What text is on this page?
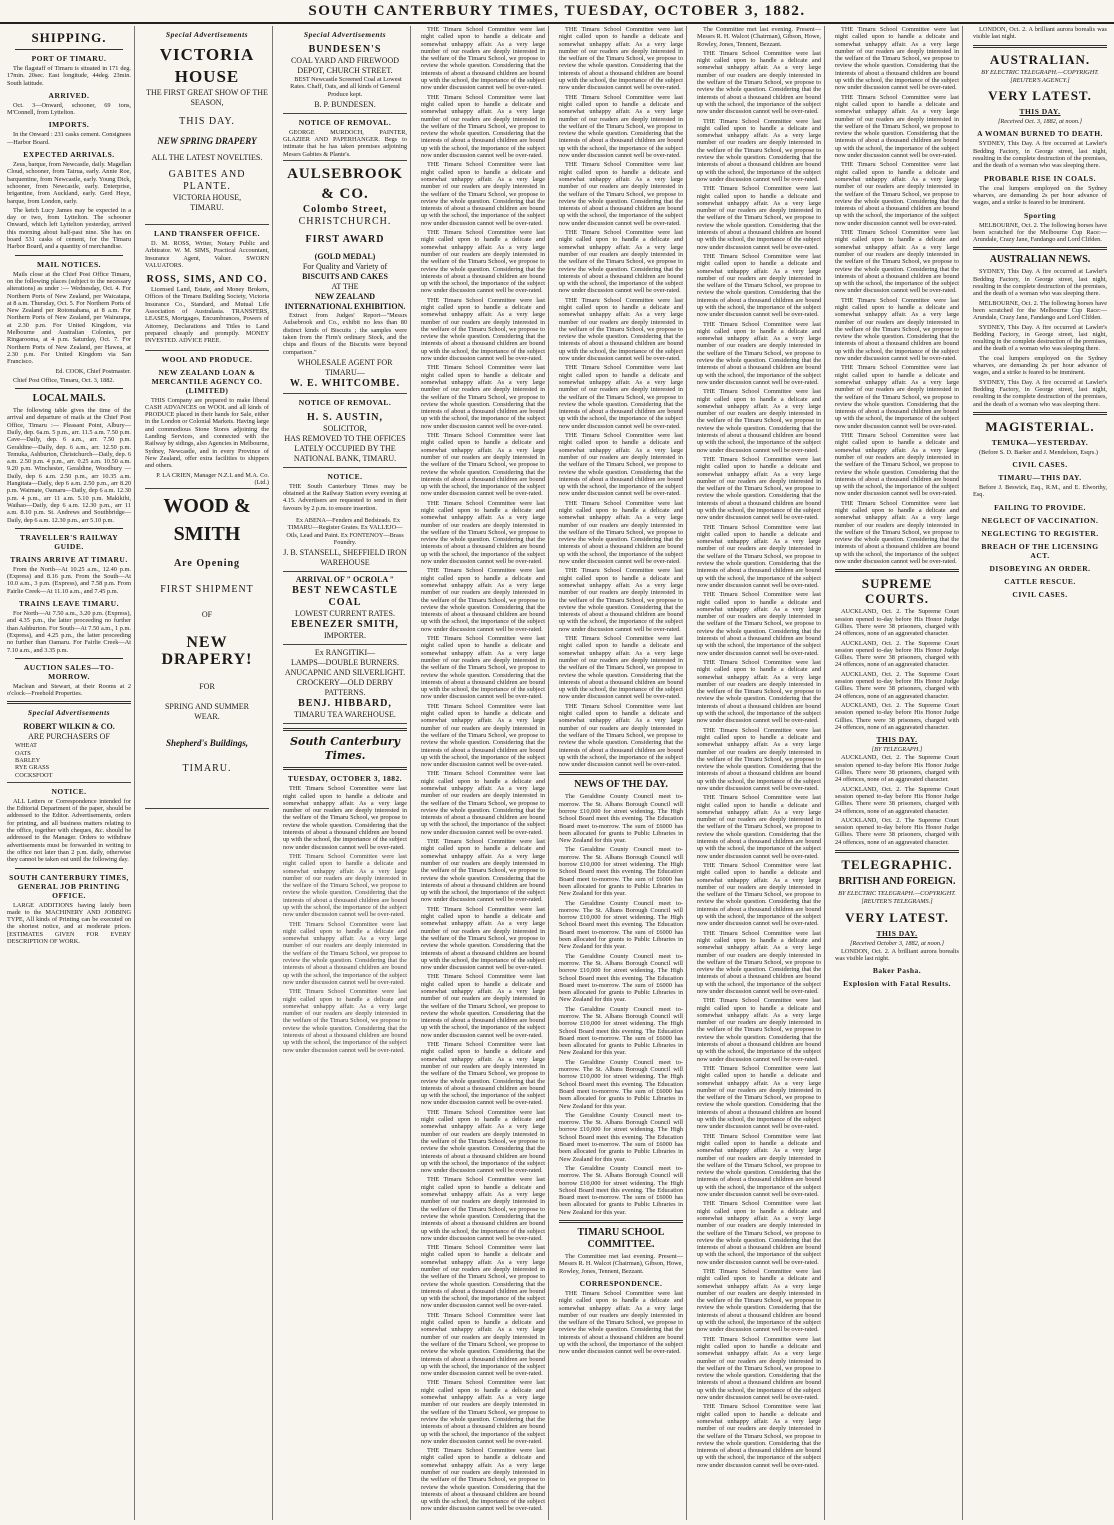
SOUTH CANTERBURY TIMES, TUESDAY, OCTOBER 3, 1882.
SHIPPING.
PORT OF TIMARU.

The flagstaff of Timaru is situated in 171 deg. 17min. 20sec. East longitude, 44deg. 23min. South latitude.

ARRIVED.

Oct. 3—Onward, schooner, 69 tons, M'Connell, from Lyttelton.

IMPORTS.

In the Onward : 231 casks cement. Consignees—Harbor Board.

EXPECTED ARRIVALS.

Zeus, barque, from Newcastle, daily. Magellan Cloud, schooner, from Tairua, early. Annie Roe, barquentine, from Newcastle, early. Young Dick, schooner, from Newcastle, early. Enterprise, brigantine, from Auckland, early. Gerd Heye, barque, from London, early.

The ketch Lucy James may be expected in a day or two, from Lyttelton. The schooner Onward, which left Lyttelton yesterday, arrived this morning about half-past nine. She has on board 531 casks of cement, for the Timaru Harbor Board, and a quantity of merchandise.

MAIL NOTICES.

Mails close at the Chief Post Office Timaru, on the following places (subject to the necessary alterations) as under :— Wednesday, Oct. 4. For Northern Ports of New Zealand, per Waicatapa, at 8 a.m. Thursday, Oct. 5. For Northern Ports of New Zealand per Rotomahana, at 8 a.m. For Northern Ports of New Zealand, per Wairarapa, at 2.30 p.m. For United Kingdom, via Melbourne and Australian Colonies, per Ringarooma, at 4 p.m. Saturday, Oct. 7. For Northern Ports of New Zealand, per Hawea, at 2.30 p.m. For United Kingdom via San Francisco.

Ed. COOK, Chief Postmaster.

Chief Post Office, Timaru, Oct. 3, 1882.

LOCAL MAILS.

The following table gives the time of the arrival and departure of mails at the Chief Post Office, Timaru :— Pleasant Point, Albury—Daily, dep. 6a.m. 5 p.m., arr. 11.5 a.m. 7.50 p.m. Cave—Daily, dep. 6 a.m., arr. 7.50 p.m. Geraldine—Daily, dep. 6 a.m., arr. 12.50 p.m. Temuka, Ashburton, Christchurch—Daily, dep. 6 a.m. 2.50 p.m. 4 p.m., arr. 0.25 a.m. 10.50 a.m. 9.20 p.m. Winchester, Geraldine, Woodbury — Daily, dep 6 a.m. 2.50 p.m., arr 10.35 a.m. Hangitata—Daily, dep 6 a.m. 2.50 p.m., arr 8.20 p.m. Waimate, Oamaru—Daily, dep 6 a.m. 12.30 p.m. 4 p.m., arr 11 a.m. 5.10 p.m. Makikihi, Waihao—Daily, dep 6 a.m. 12.30 p.m., arr 11 a.m. 8.10 p.m. St. Andrews and Southbridge—Daily, dep 6 a.m. 12.30 p.m., arr 5.10 p.m.

TRAVELLER'S RAILWAY GUIDE.
TRAINS ARRIVE AT TIMARU.

From the North—At 10.25 a.m., 12.40 p.m. (Express) and 8.16 p.m. From the South—At 10.0 a.m., 3 p.m. (Express), and 7.58 p.m. From Fairlie Creek—At 11.10 a.m., and 7.45 p.m.

TRAINS LEAVE TIMARU.

For North—At 7.50 a.m., 3.20 p.m. (Express), and 4.35 p.m., the latter proceeding no further than Ashburton. For South—At 7.50 a.m., 1 p.m. (Express), and 4.25 p.m., the latter proceeding no further than Oamaru. For Fairlie Creek—At 7.10 a.m., and 3.35 p.m.

AUCTION SALES—TO-MORROW.

Maclean and Stewart, at their Rooms at 2 o'clock—Freehold Properties.

Special Advertisements
ROBERT WILKIN & CO.
ARE PURCHASERS OF
WHEAT
OATS
BARLEY
RYE GRASS
COCKSFOOT
NOTICE.

ALL Letters or Correspondence intended for the Editorial Department of the paper, should be addressed to the Editor. Advertisements, orders for printing, and all business matters relating to the office, together with cheques, &c. should be addressed to the Manager. Orders to withdraw advertisements must be forwarded in writing to the office not later than 2 p.m. daily, otherwise they cannot be taken out until the following day.

SOUTH CANTERBURY TIMES, GENERAL JOB PRINTING OFFICE.

LARGE ADDITIONS having lately been made to the MACHINERY AND JOBBING TYPE, All kinds of Printing can be executed on the shortest notice, and at moderate prices. [ESTIMATES GIVEN FOR EVERY DESCRIPTION OF WORK.

Special Advertisements
VICTORIA HOUSE
THE FIRST GREAT SHOW OF THE
SEASON,
THIS DAY.
NEW SPRING DRAPERY
ALL THE LATEST NOVELTIES.
GABITES AND PLANTE.
VICTORIA HOUSE,
TIMARU.
LAND TRANSFER OFFICE.

D. M. ROSS, Writer, Notary Public and Arbitrator. W. M. SIMS, Practical Accountant, Insurance Agent, Valuer. SWORN VALUATORS.

ROSS, SIMS, AND CO.

Licensed Land, Estate, and Money Brokers, Offices of the Timaru Building Society, Victoria Insurance Co., Standard, and Mutual Life Association of Australasia. TRANSFERS, LEASES, Mortgages, Encumbrances, Powers of Attorney, Declarations and Titles to Land prepared cheaply and promptly. MONEY INVESTED. ADVICE FREE.

WOOL AND PRODUCE.
NEW ZEALAND LOAN & MERCANTILE AGENCY CO. (LIMITED)

THIS Company are prepared to make liberal CASH ADVANCES on WOOL and all kinds of PRODUCE placed in their hands for Sale, either in the London or Colonial Markets. Having large and commodious Stone Stores adjoining the Landing Services, and connected with the Railway by sidings, also Agencies in Melbourne, Sydney, Newcastle, and in every Province of New Zealand, offer extra facilities to shippers and others.

P. LA CRIEN, Manager N.Z.L and M.A. Co. (Ltd.)

WOOD & SMITH
Are Opening
FIRST SHIPMENT
OF
NEW DRAPERY!
FOR
SPRING AND SUMMER
WEAR.
Shepherd's Buildings,
TIMARU.
Special Advertisements
BUNDESEN'S
COAL YARD AND FIREWOOD DEPOT, CHURCH STREET.

BEST Newcastle Screened Coal at Lowest Rates. Chaff, Oats, and all kinds of General Produce kept.

B. P. BUNDESEN.
NOTICE OF REMOVAL.

GEORGE MURDOCH, PAINTER, GLAZIER AND PAPERHANGER. Begs to intimate that he has taken premises adjoining Messrs Gabites & Plante's.

AULSEBROOK & CO.
Colombo Street,
CHRISTCHURCH.
FIRST AWARD
(GOLD MEDAL)
For Quality and Variety of
BISCUITS AND CAKES
AT THE
NEW ZEALAND INTERNATIONAL EXHIBITION.

Extract from Judges' Report—"Messrs Aulsebrook and Co., exhibit no less than 80 distinct kinds of Biscuits ; the samples were taken from the Firm's ordinary Stock, and the chips and flours of the Biscuits were beyond comparison."

WHOLESALE AGENT FOR TIMARU—
W. E. WHITCOMBE.
NOTICE OF REMOVAL.
H. S. AUSTIN,
SOLICITOR,
HAS REMOVED TO THE OFFICES LATELY OCCUPIED BY THE NATIONAL BANK, TIMARU.
NOTICE.

THE South Canterbury Times may be obtained at the Railway Station every evening at 4.15. Advertisers are requested to send in their favours by 2 p.m. to ensure insertion.

Ex ABENA—Fenders and Bedsteads. Ex TIMARU—Register Grates. Ex VALLEJO—Oils, Lead and Paint. Ex FONTENOY—Brass Foundry.

J. B. STANSELL, SHEFFIELD IRON WAREHOUSE
ARRIVAL OF " OCROLA "
BEST NEWCASTLE COAL
LOWEST CURRENT RATES.
EBENEZER SMITH,
IMPORTER.
Ex RANGITIKI—
LAMPS—DOUBLE BURNERS.
ANUCAPNIC AND SILVERLIGHT.
CROCKERY—OLD DERBY PATTERNS.
BENJ. HIBBARD,
TIMARU TEA WAREHOUSE.
South Canterbury Times.
TUESDAY, OCTOBER 3, 1882.

THE Timaru School Committee were last night called upon to handle a delicate and somewhat unhappy affair. As a very large number of our readers are deeply interested in the welfare of the Timaru School, we propose to review the whole question. Considering that the interests of about a thousand children are bound up with the school, the importance of the subject now under discussion cannot well be over-rated.

THE Timaru School Committee were last night called upon to handle a delicate and somewhat unhappy affair. As a very large number of our readers are deeply interested in the welfare of the Timaru School, we propose to review the whole question. Considering that the interests of about a thousand children are bound up with the school, the importance of the subject now under discussion cannot well be over-rated.

THE Timaru School Committee were last night called upon to handle a delicate and somewhat unhappy affair. As a very large number of our readers are deeply interested in the welfare of the Timaru School, we propose to review the whole question. Considering that the interests of about a thousand children are bound up with the school, the importance of the subject now under discussion cannot well be over-rated.

THE Timaru School Committee were last night called upon to handle a delicate and somewhat unhappy affair. As a very large number of our readers are deeply interested in the welfare of the Timaru School, we propose to review the whole question. Considering that the interests of about a thousand children are bound up with the school, the importance of the subject now under discussion cannot well be over-rated.

THE Timaru School Committee were last night called upon to handle a delicate and somewhat unhappy affair. As a very large number of our readers are deeply interested in the welfare of the Timaru School, we propose to review the whole question. Considering that the interests of about a thousand children are bound up with the school, the importance of the subject now under discussion cannot well be over-rated.

THE Timaru School Committee were last night called upon to handle a delicate and somewhat unhappy affair. As a very large number of our readers are deeply interested in the welfare of the Timaru School, we propose to review the whole question. Considering that the interests of about a thousand children are bound up with the school, the importance of the subject now under discussion cannot well be over-rated.

THE Timaru School Committee were last night called upon to handle a delicate and somewhat unhappy affair. As a very large number of our readers are deeply interested in the welfare of the Timaru School, we propose to review the whole question. Considering that the interests of about a thousand children are bound up with the school, the importance of the subject now under discussion cannot well be over-rated.

THE Timaru School Committee were last night called upon to handle a delicate and somewhat unhappy affair. As a very large number of our readers are deeply interested in the welfare of the Timaru School, we propose to review the whole question. Considering that the interests of about a thousand children are bound up with the school, the importance of the subject now under discussion cannot well be over-rated.

THE Timaru School Committee were last night called upon to handle a delicate and somewhat unhappy affair. As a very large number of our readers are deeply interested in the welfare of the Timaru School, we propose to review the whole question. Considering that the interests of about a thousand children are bound up with the school, the importance of the subject now under discussion cannot well be over-rated.

THE Timaru School Committee were last night called upon to handle a delicate and somewhat unhappy affair. As a very large number of our readers are deeply interested in the welfare of the Timaru School, we propose to review the whole question. Considering that the interests of about a thousand children are bound up with the school, the importance of the subject now under discussion cannot well be over-rated.

THE Timaru School Committee were last night called upon to handle a delicate and somewhat unhappy affair. As a very large number of our readers are deeply interested in the welfare of the Timaru School, we propose to review the whole question. Considering that the interests of about a thousand children are bound up with the school, the importance of the subject now under discussion cannot well be over-rated.

THE Timaru School Committee were last night called upon to handle a delicate and somewhat unhappy affair. As a very large number of our readers are deeply interested in the welfare of the Timaru School, we propose to review the whole question. Considering that the interests of about a thousand children are bound up with the school, the importance of the subject now under discussion cannot well be over-rated.

THE Timaru School Committee were last night called upon to handle a delicate and somewhat unhappy affair. As a very large number of our readers are deeply interested in the welfare of the Timaru School, we propose to review the whole question. Considering that the interests of about a thousand children are bound up with the school, the importance of the subject now under discussion cannot well be over-rated.

THE Timaru School Committee were last night called upon to handle a delicate and somewhat unhappy affair. As a very large number of our readers are deeply interested in the welfare of the Timaru School, we propose to review the whole question. Considering that the interests of about a thousand children are bound up with the school, the importance of the subject now under discussion cannot well be over-rated.

THE Timaru School Committee were last night called upon to handle a delicate and somewhat unhappy affair. As a very large number of our readers are deeply interested in the welfare of the Timaru School, we propose to review the whole question. Considering that the interests of about a thousand children are bound up with the school, the importance of the subject now under discussion cannot well be over-rated.

THE Timaru School Committee were last night called upon to handle a delicate and somewhat unhappy affair. As a very large number of our readers are deeply interested in the welfare of the Timaru School, we propose to review the whole question. Considering that the interests of about a thousand children are bound up with the school, the importance of the subject now under discussion cannot well be over-rated.

THE Timaru School Committee were last night called upon to handle a delicate and somewhat unhappy affair. As a very large number of our readers are deeply interested in the welfare of the Timaru School, we propose to review the whole question. Considering that the interests of about a thousand children are bound up with the school, the importance of the subject now under discussion cannot well be over-rated.

THE Timaru School Committee were last night called upon to handle a delicate and somewhat unhappy affair. As a very large number of our readers are deeply interested in the welfare of the Timaru School, we propose to review the whole question. Considering that the interests of about a thousand children are bound up with the school, the importance of the subject now under discussion cannot well be over-rated.

THE Timaru School Committee were last night called upon to handle a delicate and somewhat unhappy affair. As a very large number of our readers are deeply interested in the welfare of the Timaru School, we propose to review the whole question. Considering that the interests of about a thousand children are bound up with the school, the importance of the subject now under discussion cannot well be over-rated.

THE Timaru School Committee were last night called upon to handle a delicate and somewhat unhappy affair. As a very large number of our readers are deeply interested in the welfare of the Timaru School, we propose to review the whole question. Considering that the interests of about a thousand children are bound up with the school, the importance of the subject now under discussion cannot well be over-rated.

THE Timaru School Committee were last night called upon to handle a delicate and somewhat unhappy affair. As a very large number of our readers are deeply interested in the welfare of the Timaru School, we propose to review the whole question. Considering that the interests of about a thousand children are bound up with the school, the importance of the subject now under discussion cannot well be over-rated.

THE Timaru School Committee were last night called upon to handle a delicate and somewhat unhappy affair. As a very large number of our readers are deeply interested in the welfare of the Timaru School, we propose to review the whole question. Considering that the interests of about a thousand children are bound up with the school, the importance of the subject now under discussion cannot well be over-rated.

THE Timaru School Committee were last night called upon to handle a delicate and somewhat unhappy affair. As a very large number of our readers are deeply interested in the welfare of the Timaru School, we propose to review the whole question. Considering that the interests of about a thousand children are bound up with the school, the importance of the subject now under discussion cannot well be over-rated.

THE Timaru School Committee were last night called upon to handle a delicate and somewhat unhappy affair. As a very large number of our readers are deeply interested in the welfare of the Timaru School, we propose to review the whole question. Considering that the interests of about a thousand children are bound up with the school, the importance of the subject now under discussion cannot well be over-rated.

THE Timaru School Committee were last night called upon to handle a delicate and somewhat unhappy affair. As a very large number of our readers are deeply interested in the welfare of the Timaru School, we propose to review the whole question. Considering that the interests of about a thousand children are bound up with the school, the importance of the subject now under discussion cannot well be over-rated.

THE Timaru School Committee were last night called upon to handle a delicate and somewhat unhappy affair. As a very large number of our readers are deeply interested in the welfare of the Timaru School, we propose to review the whole question. Considering that the interests of about a thousand children are bound up with the school, the importance of the subject now under discussion cannot well be over-rated.

THE Timaru School Committee were last night called upon to handle a delicate and somewhat unhappy affair. As a very large number of our readers are deeply interested in the welfare of the Timaru School, we propose to review the whole question. Considering that the interests of about a thousand children are bound up with the school, the importance of the subject now under discussion cannot well be over-rated.

THE Timaru School Committee were last night called upon to handle a delicate and somewhat unhappy affair. As a very large number of our readers are deeply interested in the welfare of the Timaru School, we propose to review the whole question. Considering that the interests of about a thousand children are bound up with the school, the importance of the subject now under discussion cannot well be over-rated.

THE Timaru School Committee were last night called upon to handle a delicate and somewhat unhappy affair. As a very large number of our readers are deeply interested in the welfare of the Timaru School, we propose to review the whole question. Considering that the interests of about a thousand children are bound up with the school, the importance of the subject now under discussion cannot well be over-rated.

THE Timaru School Committee were last night called upon to handle a delicate and somewhat unhappy affair. As a very large number of our readers are deeply interested in the welfare of the Timaru School, we propose to review the whole question. Considering that the interests of about a thousand children are bound up with the school, the importance of the subject now under discussion cannot well be over-rated.

THE Timaru School Committee were last night called upon to handle a delicate and somewhat unhappy affair. As a very large number of our readers are deeply interested in the welfare of the Timaru School, we propose to review the whole question. Considering that the interests of about a thousand children are bound up with the school, the importance of the subject now under discussion cannot well be over-rated.

THE Timaru School Committee were last night called upon to handle a delicate and somewhat unhappy affair. As a very large number of our readers are deeply interested in the welfare of the Timaru School, we propose to review the whole question. Considering that the interests of about a thousand children are bound up with the school, the importance of the subject now under discussion cannot well be over-rated.

THE Timaru School Committee were last night called upon to handle a delicate and somewhat unhappy affair. As a very large number of our readers are deeply interested in the welfare of the Timaru School, we propose to review the whole question. Considering that the interests of about a thousand children are bound up with the school, the importance of the subject now under discussion cannot well be over-rated.

THE Timaru School Committee were last night called upon to handle a delicate and somewhat unhappy affair. As a very large number of our readers are deeply interested in the welfare of the Timaru School, we propose to review the whole question. Considering that the interests of about a thousand children are bound up with the school, the importance of the subject now under discussion cannot well be over-rated.

THE Timaru School Committee were last night called upon to handle a delicate and somewhat unhappy affair. As a very large number of our readers are deeply interested in the welfare of the Timaru School, we propose to review the whole question. Considering that the interests of about a thousand children are bound up with the school, the importance of the subject now under discussion cannot well be over-rated.

THE Timaru School Committee were last night called upon to handle a delicate and somewhat unhappy affair. As a very large number of our readers are deeply interested in the welfare of the Timaru School, we propose to review the whole question. Considering that the interests of about a thousand children are bound up with the school, the importance of the subject now under discussion cannot well be over-rated.

THE Timaru School Committee were last night called upon to handle a delicate and somewhat unhappy affair. As a very large number of our readers are deeply interested in the welfare of the Timaru School, we propose to review the whole question. Considering that the interests of about a thousand children are bound up with the school, the importance of the subject now under discussion cannot well be over-rated.

NEWS OF THE DAY.

The Geraldine County Council meet to-morrow. The St. Albans Borough Council will borrow £10,000 for street widening. The High School Board meet this evening. The Education Board meet to-morrow. The sum of £6000 has been allocated for grants to Public Libraries in New Zealand for this year.

The Geraldine County Council meet to-morrow. The St. Albans Borough Council will borrow £10,000 for street widening. The High School Board meet this evening. The Education Board meet to-morrow. The sum of £6000 has been allocated for grants to Public Libraries in New Zealand for this year.

The Geraldine County Council meet to-morrow. The St. Albans Borough Council will borrow £10,000 for street widening. The High School Board meet this evening. The Education Board meet to-morrow. The sum of £6000 has been allocated for grants to Public Libraries in New Zealand for this year.

The Geraldine County Council meet to-morrow. The St. Albans Borough Council will borrow £10,000 for street widening. The High School Board meet this evening. The Education Board meet to-morrow. The sum of £6000 has been allocated for grants to Public Libraries in New Zealand for this year.

The Geraldine County Council meet to-morrow. The St. Albans Borough Council will borrow £10,000 for street widening. The High School Board meet this evening. The Education Board meet to-morrow. The sum of £6000 has been allocated for grants to Public Libraries in New Zealand for this year.

The Geraldine County Council meet to-morrow. The St. Albans Borough Council will borrow £10,000 for street widening. The High School Board meet this evening. The Education Board meet to-morrow. The sum of £6000 has been allocated for grants to Public Libraries in New Zealand for this year.

The Geraldine County Council meet to-morrow. The St. Albans Borough Council will borrow £10,000 for street widening. The High School Board meet this evening. The Education Board meet to-morrow. The sum of £6000 has been allocated for grants to Public Libraries in New Zealand for this year.

The Geraldine County Council meet to-morrow. The St. Albans Borough Council will borrow £10,000 for street widening. The High School Board meet this evening. The Education Board meet to-morrow. The sum of £6000 has been allocated for grants to Public Libraries in New Zealand for this year.

TIMARU SCHOOL COMMITTEE.

The Committee met last evening. Present—Messrs R. H. Walcot (Chairman), Gibson, Howe, Rowley, Jones, Tennent, Bezzant.

CORRESPONDENCE.

THE Timaru School Committee were last night called upon to handle a delicate and somewhat unhappy affair. As a very large number of our readers are deeply interested in the welfare of the Timaru School, we propose to review the whole question. Considering that the interests of about a thousand children are bound up with the school, the importance of the subject now under discussion cannot well be over-rated.

The Committee met last evening. Present—Messrs R. H. Walcot (Chairman), Gibson, Howe, Rowley, Jones, Tennent, Bezzant.

THE Timaru School Committee were last night called upon to handle a delicate and somewhat unhappy affair. As a very large number of our readers are deeply interested in the welfare of the Timaru School, we propose to review the whole question. Considering that the interests of about a thousand children are bound up with the school, the importance of the subject now under discussion cannot well be over-rated.

THE Timaru School Committee were last night called upon to handle a delicate and somewhat unhappy affair. As a very large number of our readers are deeply interested in the welfare of the Timaru School, we propose to review the whole question. Considering that the interests of about a thousand children are bound up with the school, the importance of the subject now under discussion cannot well be over-rated.

THE Timaru School Committee were last night called upon to handle a delicate and somewhat unhappy affair. As a very large number of our readers are deeply interested in the welfare of the Timaru School, we propose to review the whole question. Considering that the interests of about a thousand children are bound up with the school, the importance of the subject now under discussion cannot well be over-rated.

THE Timaru School Committee were last night called upon to handle a delicate and somewhat unhappy affair. As a very large number of our readers are deeply interested in the welfare of the Timaru School, we propose to review the whole question. Considering that the interests of about a thousand children are bound up with the school, the importance of the subject now under discussion cannot well be over-rated.

THE Timaru School Committee were last night called upon to handle a delicate and somewhat unhappy affair. As a very large number of our readers are deeply interested in the welfare of the Timaru School, we propose to review the whole question. Considering that the interests of about a thousand children are bound up with the school, the importance of the subject now under discussion cannot well be over-rated.

THE Timaru School Committee were last night called upon to handle a delicate and somewhat unhappy affair. As a very large number of our readers are deeply interested in the welfare of the Timaru School, we propose to review the whole question. Considering that the interests of about a thousand children are bound up with the school, the importance of the subject now under discussion cannot well be over-rated.

THE Timaru School Committee were last night called upon to handle a delicate and somewhat unhappy affair. As a very large number of our readers are deeply interested in the welfare of the Timaru School, we propose to review the whole question. Considering that the interests of about a thousand children are bound up with the school, the importance of the subject now under discussion cannot well be over-rated.

THE Timaru School Committee were last night called upon to handle a delicate and somewhat unhappy affair. As a very large number of our readers are deeply interested in the welfare of the Timaru School, we propose to review the whole question. Considering that the interests of about a thousand children are bound up with the school, the importance of the subject now under discussion cannot well be over-rated.

THE Timaru School Committee were last night called upon to handle a delicate and somewhat unhappy affair. As a very large number of our readers are deeply interested in the welfare of the Timaru School, we propose to review the whole question. Considering that the interests of about a thousand children are bound up with the school, the importance of the subject now under discussion cannot well be over-rated.

THE Timaru School Committee were last night called upon to handle a delicate and somewhat unhappy affair. As a very large number of our readers are deeply interested in the welfare of the Timaru School, we propose to review the whole question. Considering that the interests of about a thousand children are bound up with the school, the importance of the subject now under discussion cannot well be over-rated.

THE Timaru School Committee were last night called upon to handle a delicate and somewhat unhappy affair. As a very large number of our readers are deeply interested in the welfare of the Timaru School, we propose to review the whole question. Considering that the interests of about a thousand children are bound up with the school, the importance of the subject now under discussion cannot well be over-rated.

THE Timaru School Committee were last night called upon to handle a delicate and somewhat unhappy affair. As a very large number of our readers are deeply interested in the welfare of the Timaru School, we propose to review the whole question. Considering that the interests of about a thousand children are bound up with the school, the importance of the subject now under discussion cannot well be over-rated.

THE Timaru School Committee were last night called upon to handle a delicate and somewhat unhappy affair. As a very large number of our readers are deeply interested in the welfare of the Timaru School, we propose to review the whole question. Considering that the interests of about a thousand children are bound up with the school, the importance of the subject now under discussion cannot well be over-rated.

THE Timaru School Committee were last night called upon to handle a delicate and somewhat unhappy affair. As a very large number of our readers are deeply interested in the welfare of the Timaru School, we propose to review the whole question. Considering that the interests of about a thousand children are bound up with the school, the importance of the subject now under discussion cannot well be over-rated.

THE Timaru School Committee were last night called upon to handle a delicate and somewhat unhappy affair. As a very large number of our readers are deeply interested in the welfare of the Timaru School, we propose to review the whole question. Considering that the interests of about a thousand children are bound up with the school, the importance of the subject now under discussion cannot well be over-rated.

THE Timaru School Committee were last night called upon to handle a delicate and somewhat unhappy affair. As a very large number of our readers are deeply interested in the welfare of the Timaru School, we propose to review the whole question. Considering that the interests of about a thousand children are bound up with the school, the importance of the subject now under discussion cannot well be over-rated.

THE Timaru School Committee were last night called upon to handle a delicate and somewhat unhappy affair. As a very large number of our readers are deeply interested in the welfare of the Timaru School, we propose to review the whole question. Considering that the interests of about a thousand children are bound up with the school, the importance of the subject now under discussion cannot well be over-rated.

THE Timaru School Committee were last night called upon to handle a delicate and somewhat unhappy affair. As a very large number of our readers are deeply interested in the welfare of the Timaru School, we propose to review the whole question. Considering that the interests of about a thousand children are bound up with the school, the importance of the subject now under discussion cannot well be over-rated.

THE Timaru School Committee were last night called upon to handle a delicate and somewhat unhappy affair. As a very large number of our readers are deeply interested in the welfare of the Timaru School, we propose to review the whole question. Considering that the interests of about a thousand children are bound up with the school, the importance of the subject now under discussion cannot well be over-rated.

THE Timaru School Committee were last night called upon to handle a delicate and somewhat unhappy affair. As a very large number of our readers are deeply interested in the welfare of the Timaru School, we propose to review the whole question. Considering that the interests of about a thousand children are bound up with the school, the importance of the subject now under discussion cannot well be over-rated.

THE Timaru School Committee were last night called upon to handle a delicate and somewhat unhappy affair. As a very large number of our readers are deeply interested in the welfare of the Timaru School, we propose to review the whole question. Considering that the interests of about a thousand children are bound up with the school, the importance of the subject now under discussion cannot well be over-rated.

THE Timaru School Committee were last night called upon to handle a delicate and somewhat unhappy affair. As a very large number of our readers are deeply interested in the welfare of the Timaru School, we propose to review the whole question. Considering that the interests of about a thousand children are bound up with the school, the importance of the subject now under discussion cannot well be over-rated.

THE Timaru School Committee were last night called upon to handle a delicate and somewhat unhappy affair. As a very large number of our readers are deeply interested in the welfare of the Timaru School, we propose to review the whole question. Considering that the interests of about a thousand children are bound up with the school, the importance of the subject now under discussion cannot well be over-rated.

THE Timaru School Committee were last night called upon to handle a delicate and somewhat unhappy affair. As a very large number of our readers are deeply interested in the welfare of the Timaru School, we propose to review the whole question. Considering that the interests of about a thousand children are bound up with the school, the importance of the subject now under discussion cannot well be over-rated.

THE Timaru School Committee were last night called upon to handle a delicate and somewhat unhappy affair. As a very large number of our readers are deeply interested in the welfare of the Timaru School, we propose to review the whole question. Considering that the interests of about a thousand children are bound up with the school, the importance of the subject now under discussion cannot well be over-rated.

THE Timaru School Committee were last night called upon to handle a delicate and somewhat unhappy affair. As a very large number of our readers are deeply interested in the welfare of the Timaru School, we propose to review the whole question. Considering that the interests of about a thousand children are bound up with the school, the importance of the subject now under discussion cannot well be over-rated.

THE Timaru School Committee were last night called upon to handle a delicate and somewhat unhappy affair. As a very large number of our readers are deeply interested in the welfare of the Timaru School, we propose to review the whole question. Considering that the interests of about a thousand children are bound up with the school, the importance of the subject now under discussion cannot well be over-rated.

THE Timaru School Committee were last night called upon to handle a delicate and somewhat unhappy affair. As a very large number of our readers are deeply interested in the welfare of the Timaru School, we propose to review the whole question. Considering that the interests of about a thousand children are bound up with the school, the importance of the subject now under discussion cannot well be over-rated.

THE Timaru School Committee were last night called upon to handle a delicate and somewhat unhappy affair. As a very large number of our readers are deeply interested in the welfare of the Timaru School, we propose to review the whole question. Considering that the interests of about a thousand children are bound up with the school, the importance of the subject now under discussion cannot well be over-rated.

SUPREME COURTS.

AUCKLAND, Oct. 2. The Supreme Court session opened to-day before His Honor Judge Gillies. There were 38 prisoners, charged with 24 offences, none of an aggravated character.

AUCKLAND, Oct. 2. The Supreme Court session opened to-day before His Honor Judge Gillies. There were 38 prisoners, charged with 24 offences, none of an aggravated character.

AUCKLAND, Oct. 2. The Supreme Court session opened to-day before His Honor Judge Gillies. There were 38 prisoners, charged with 24 offences, none of an aggravated character.

AUCKLAND, Oct. 2. The Supreme Court session opened to-day before His Honor Judge Gillies. There were 38 prisoners, charged with 24 offences, none of an aggravated character.

THIS DAY.
[BY TELEGRAPH.]

AUCKLAND, Oct. 2. The Supreme Court session opened to-day before His Honor Judge Gillies. There were 38 prisoners, charged with 24 offences, none of an aggravated character.

AUCKLAND, Oct. 2. The Supreme Court session opened to-day before His Honor Judge Gillies. There were 38 prisoners, charged with 24 offences, none of an aggravated character.

AUCKLAND, Oct. 2. The Supreme Court session opened to-day before His Honor Judge Gillies. There were 38 prisoners, charged with 24 offences, none of an aggravated character.

TELEGRAPHIC.
BRITISH AND FOREIGN.
BY ELECTRIC TELEGRAPH.—COPYRIGHT.
[REUTER'S TELEGRAMS.]
VERY LATEST.
THIS DAY.
[Received October 3, 1882, at noon.]

LONDON, Oct. 2. A brilliant aurora borealis was visible last night.

Baker Pasha.
Explosion with Fatal Results.

LONDON, Oct. 2. A brilliant aurora borealis was visible last night.

AUSTRALIAN.
BY ELECTRIC TELEGRAPH.—COPYRIGHT.
[REUTER'S AGENCY.]
VERY LATEST.
THIS DAY.
[Received Oct. 3, 1882, at noon.]
A WOMAN BURNED TO DEATH.

SYDNEY, This Day. A fire occurred at Lawler's Bedding Factory, in George street, last night, resulting in the complete destruction of the premises, and the death of a woman who was sleeping there.

PROBABLE RISE IN COALS.

The coal lumpers employed on the Sydney wharves, are demanding 2s per hour advance of wages, and a strike is feared to be imminent.

Sporting

MELBOURNE, Oct. 2. The following horses have been scratched for the Melbourne Cup Race:—Arundale, Crazy Jane, Fandango and Lord Clifden.

AUSTRALIAN NEWS.

SYDNEY, This Day. A fire occurred at Lawler's Bedding Factory, in George street, last night, resulting in the complete destruction of the premises, and the death of a woman who was sleeping there.

MELBOURNE, Oct. 2. The following horses have been scratched for the Melbourne Cup Race:—Arundale, Crazy Jane, Fandango and Lord Clifden.

SYDNEY, This Day. A fire occurred at Lawler's Bedding Factory, in George street, last night, resulting in the complete destruction of the premises, and the death of a woman who was sleeping there.

The coal lumpers employed on the Sydney wharves, are demanding 2s per hour advance of wages, and a strike is feared to be imminent.

SYDNEY, This Day. A fire occurred at Lawler's Bedding Factory, in George street, last night, resulting in the complete destruction of the premises, and the death of a woman who was sleeping there.

MAGISTERIAL.
TEMUKA—YESTERDAY.

(Before S. D. Barker and J. Mendelson, Esqrs.)

CIVIL CASES.
TIMARU—THIS DAY.

Before J. Beswick, Esq., R.M., and E. Elworthy, Esq.

FAILING TO PROVIDE.
NEGLECT OF VACCINATION.
NEGLECTING TO REGISTER.
BREACH OF THE LICENSING ACT.
DISOBEYING AN ORDER.
CATTLE RESCUE.
CIVIL CASES.
